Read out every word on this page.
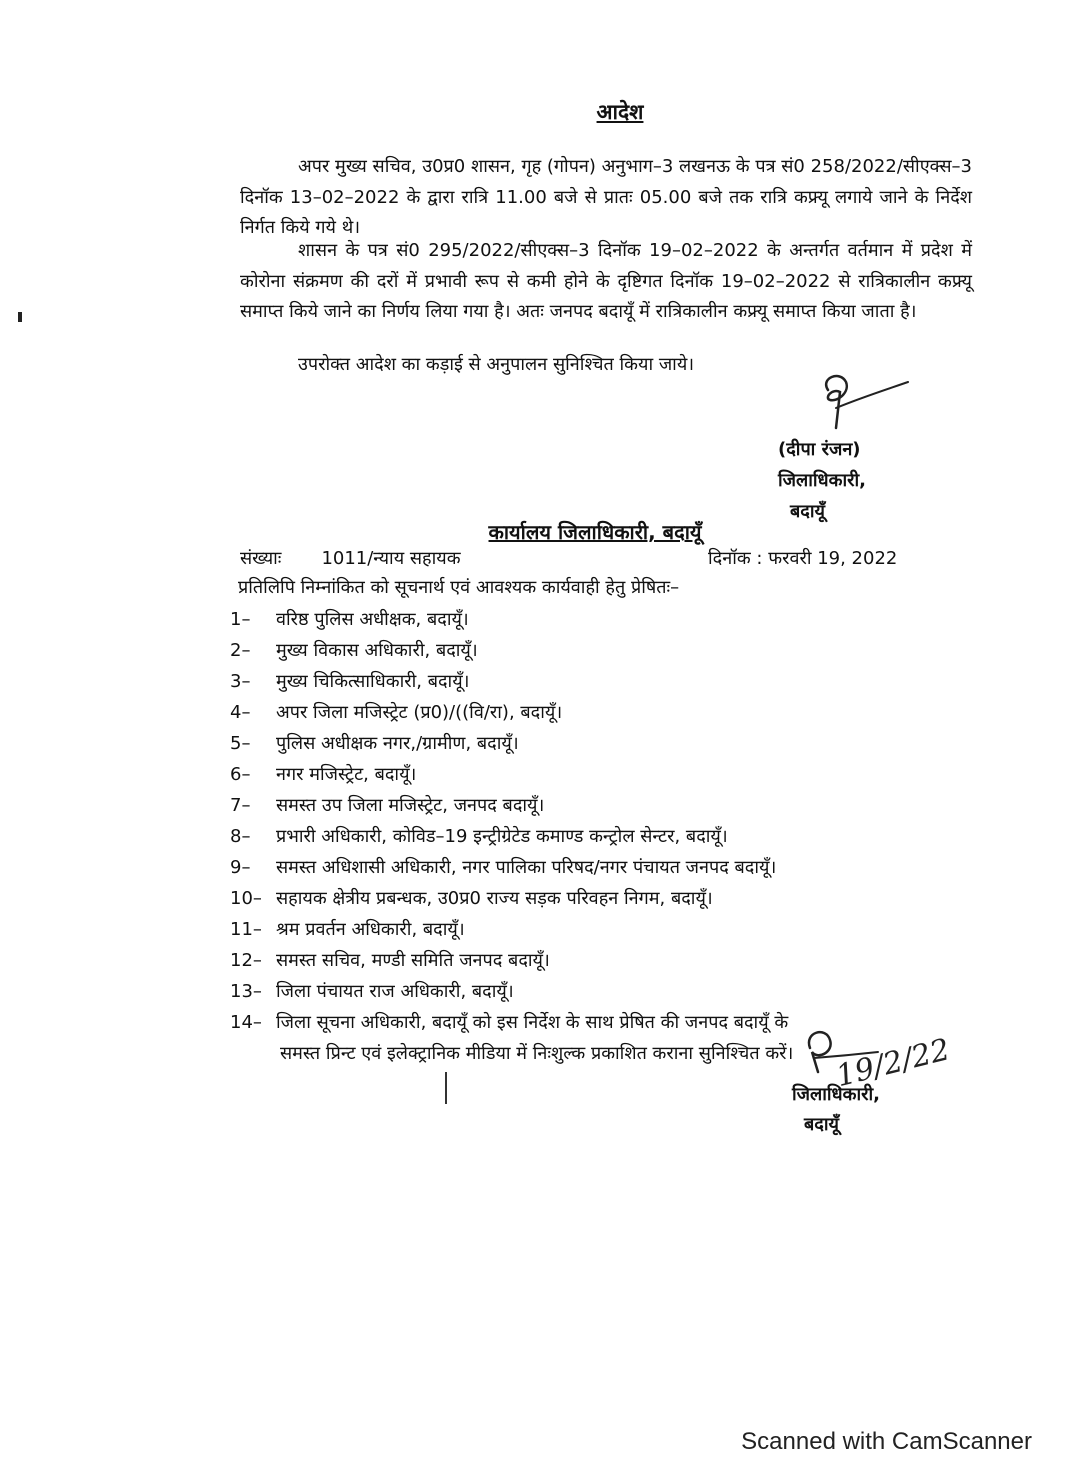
आदेश

अपर मुख्य सचिव, उ0प्र0 शासन, गृह (गोपन) अनुभाग–3 लखनऊ के पत्र सं0 258/2022/सीएक्स–3 दिनॉक 13–02–2022 के द्वारा रात्रि 11.00 बजे से प्रातः 05.00 बजे तक रात्रि कफ्र्यू लगाये जाने के निर्देश निर्गत किये गये थे।

शासन के पत्र सं0 295/2022/सीएक्स–3 दिनॉक 19–02–2022 के अन्तर्गत वर्तमान में प्रदेश में कोरोना संक्रमण की दरों में प्रभावी रूप से कमी होने के दृष्टिगत दिनॉक 19–02–2022 से रात्रिकालीन कफ्र्यू समाप्त किये जाने का निर्णय लिया गया है। अतः जनपद बदायूँ में रात्रिकालीन कफ्र्यू समाप्त किया जाता है।

उपरोक्त आदेश का कड़ाई से अनुपालन सुनिश्चित किया जाये।

(दीपा रंजन)
जिलाधिकारी,
बदायूँ
कार्यालय जिलाधिकारी, बदायूँ
संख्याः 1011/न्याय सहायक	दिनॉक : फरवरी 19, 2022
प्रतिलिपि निम्नांकित को सूचनार्थ एवं आवश्यक कार्यवाही हेतु प्रेषितः–
1– वरिष्ठ पुलिस अधीक्षक, बदायूँ।
2– मुख्य विकास अधिकारी, बदायूँ।
3– मुख्य चिकित्साधिकारी, बदायूँ।
4– अपर जिला मजिस्ट्रेट (प्र0)/((वि/रा), बदायूँ।
5– पुलिस अधीक्षक नगर,/ग्रामीण, बदायूँ।
6– नगर मजिस्ट्रेट, बदायूँ।
7– समस्त उप जिला मजिस्ट्रेट, जनपद बदायूँ।
8– प्रभारी अधिकारी, कोविड–19 इन्ट्रीग्रेटेड कमाण्ड कन्ट्रोल सेन्टर, बदायूँ।
9– समस्त अधिशासी अधिकारी, नगर पालिका परिषद/नगर पंचायत जनपद बदायूँ।
10– सहायक क्षेत्रीय प्रबन्धक, उ0प्र0 राज्य सड़क परिवहन निगम, बदायूँ।
11– श्रम प्रवर्तन अधिकारी, बदायूँ।
12– समस्त सचिव, मण्डी समिति जनपद बदायूँ।
13– जिला पंचायत राज अधिकारी, बदायूँ।
14– जिला सूचना अधिकारी, बदायूँ को इस निर्देश के साथ प्रेषित की जनपद बदायूँ के
समस्त प्रिन्ट एवं इलेक्ट्रानिक मीडिया में निःशुल्क प्रकाशित कराना सुनिश्चित करें।	19/2/22
जिलाधिकारी,
बदायूँ
Scanned with CamScanner
